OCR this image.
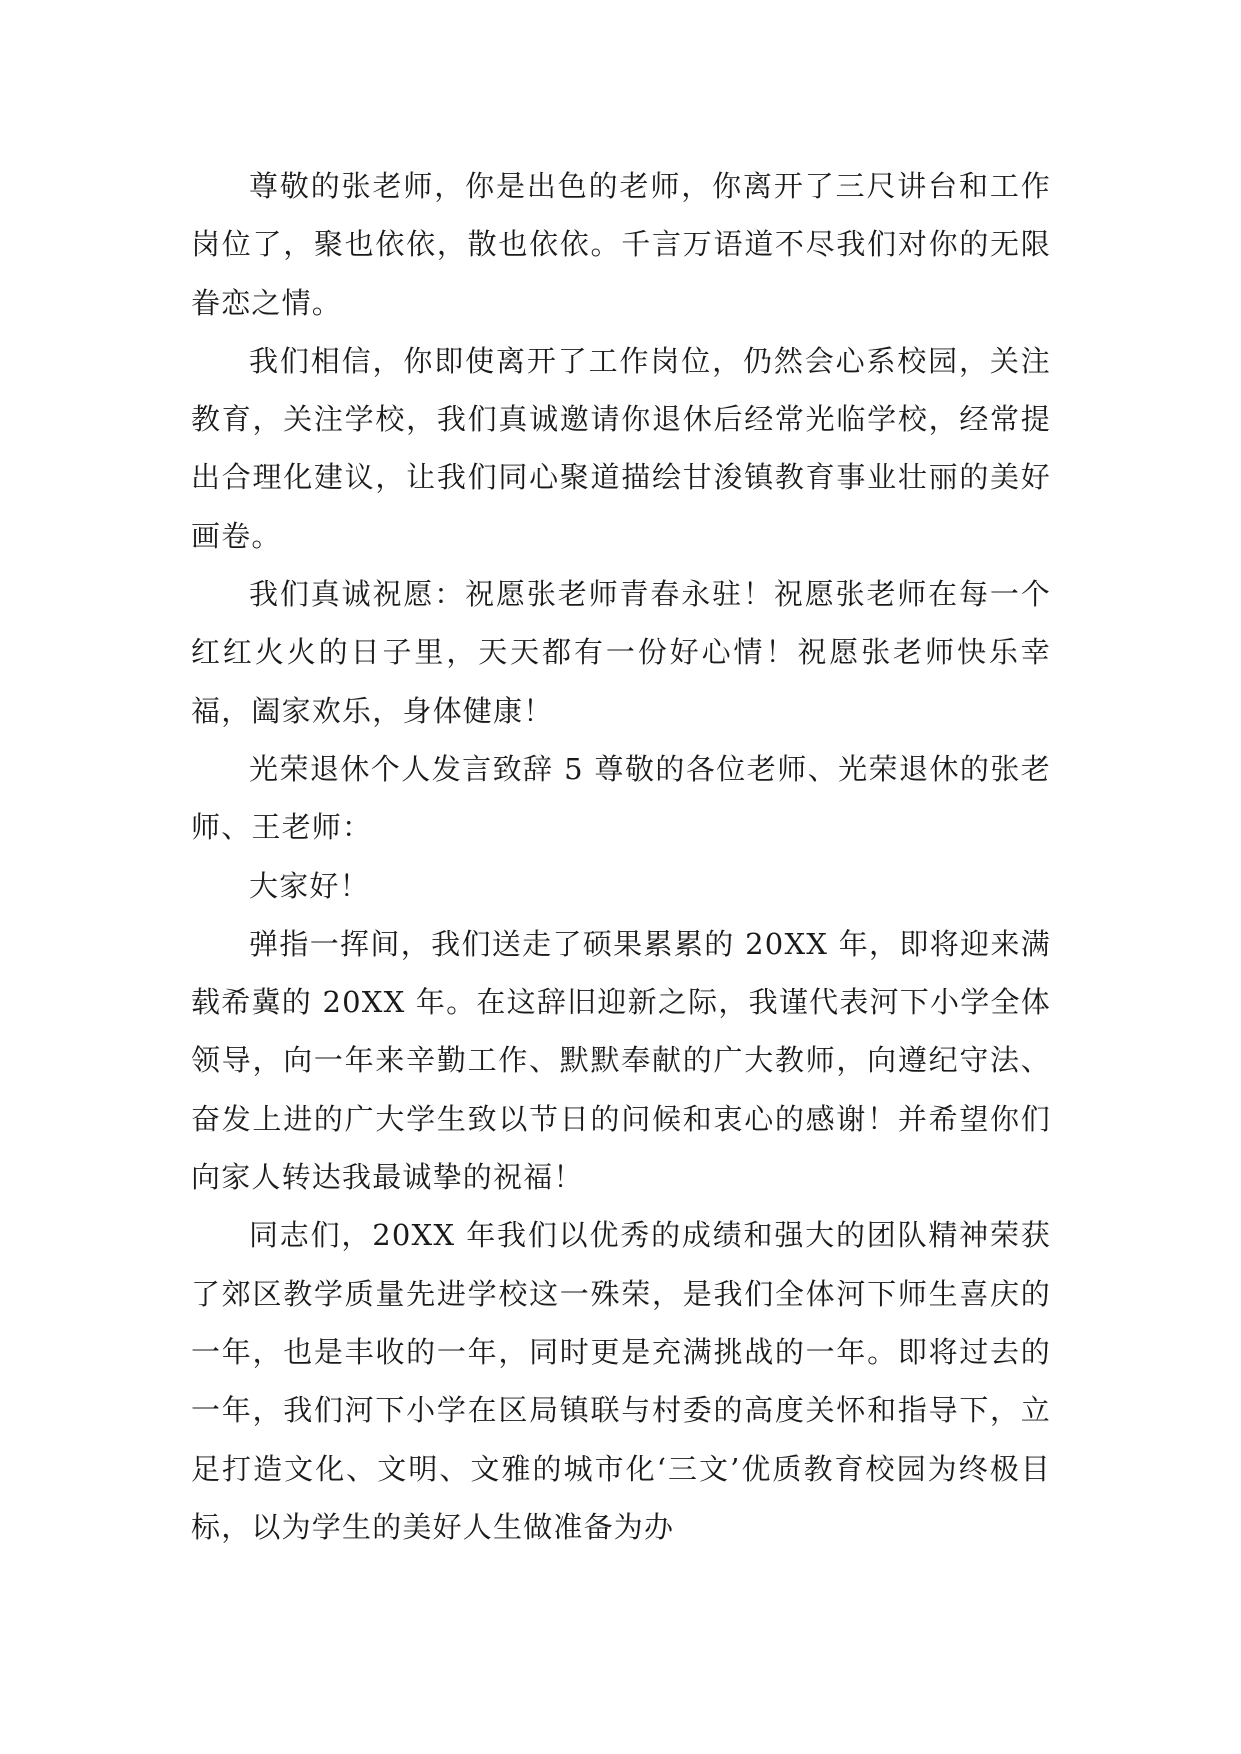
尊敬的张老师，你是出色的老师，你离开了三尺讲台和工作岗位了，聚也依依，散也依依。千言万语道不尽我们对你的无限眷恋之情。

我们相信，你即使离开了工作岗位，仍然会心系校园，关注教育，关注学校，我们真诚邀请你退休后经常光临学校，经常提出合理化建议，让我们同心聚道描绘甘浚镇教育事业壮丽的美好画卷。

我们真诚祝愿：祝愿张老师青春永驻！祝愿张老师在每一个红红火火的日子里，天天都有一份好心情！祝愿张老师快乐幸福，阖家欢乐，身体健康！

光荣退休个人发言致辞 5 尊敬的各位老师、光荣退休的张老师、王老师：

大家好！

弹指一挥间，我们送走了硕果累累的 20XX 年，即将迎来满载希冀的 20XX 年。在这辞旧迎新之际，我谨代表河下小学全体领导，向一年来辛勤工作、默默奉献的广大教师，向遵纪守法、奋发上进的广大学生致以节日的问候和衷心的感谢！并希望你们向家人转达我最诚挚的祝福！

同志们，20XX 年我们以优秀的成绩和强大的团队精神荣获了郊区教学质量先进学校这一殊荣，是我们全体河下师生喜庆的一年，也是丰收的一年，同时更是充满挑战的一年。即将过去的一年，我们河下小学在区局镇联与村委的高度关怀和指导下，立足打造文化、文明、文雅的城市化‘三文’优质教育校园为终极目标，以为学生的美好人生做准备为办
